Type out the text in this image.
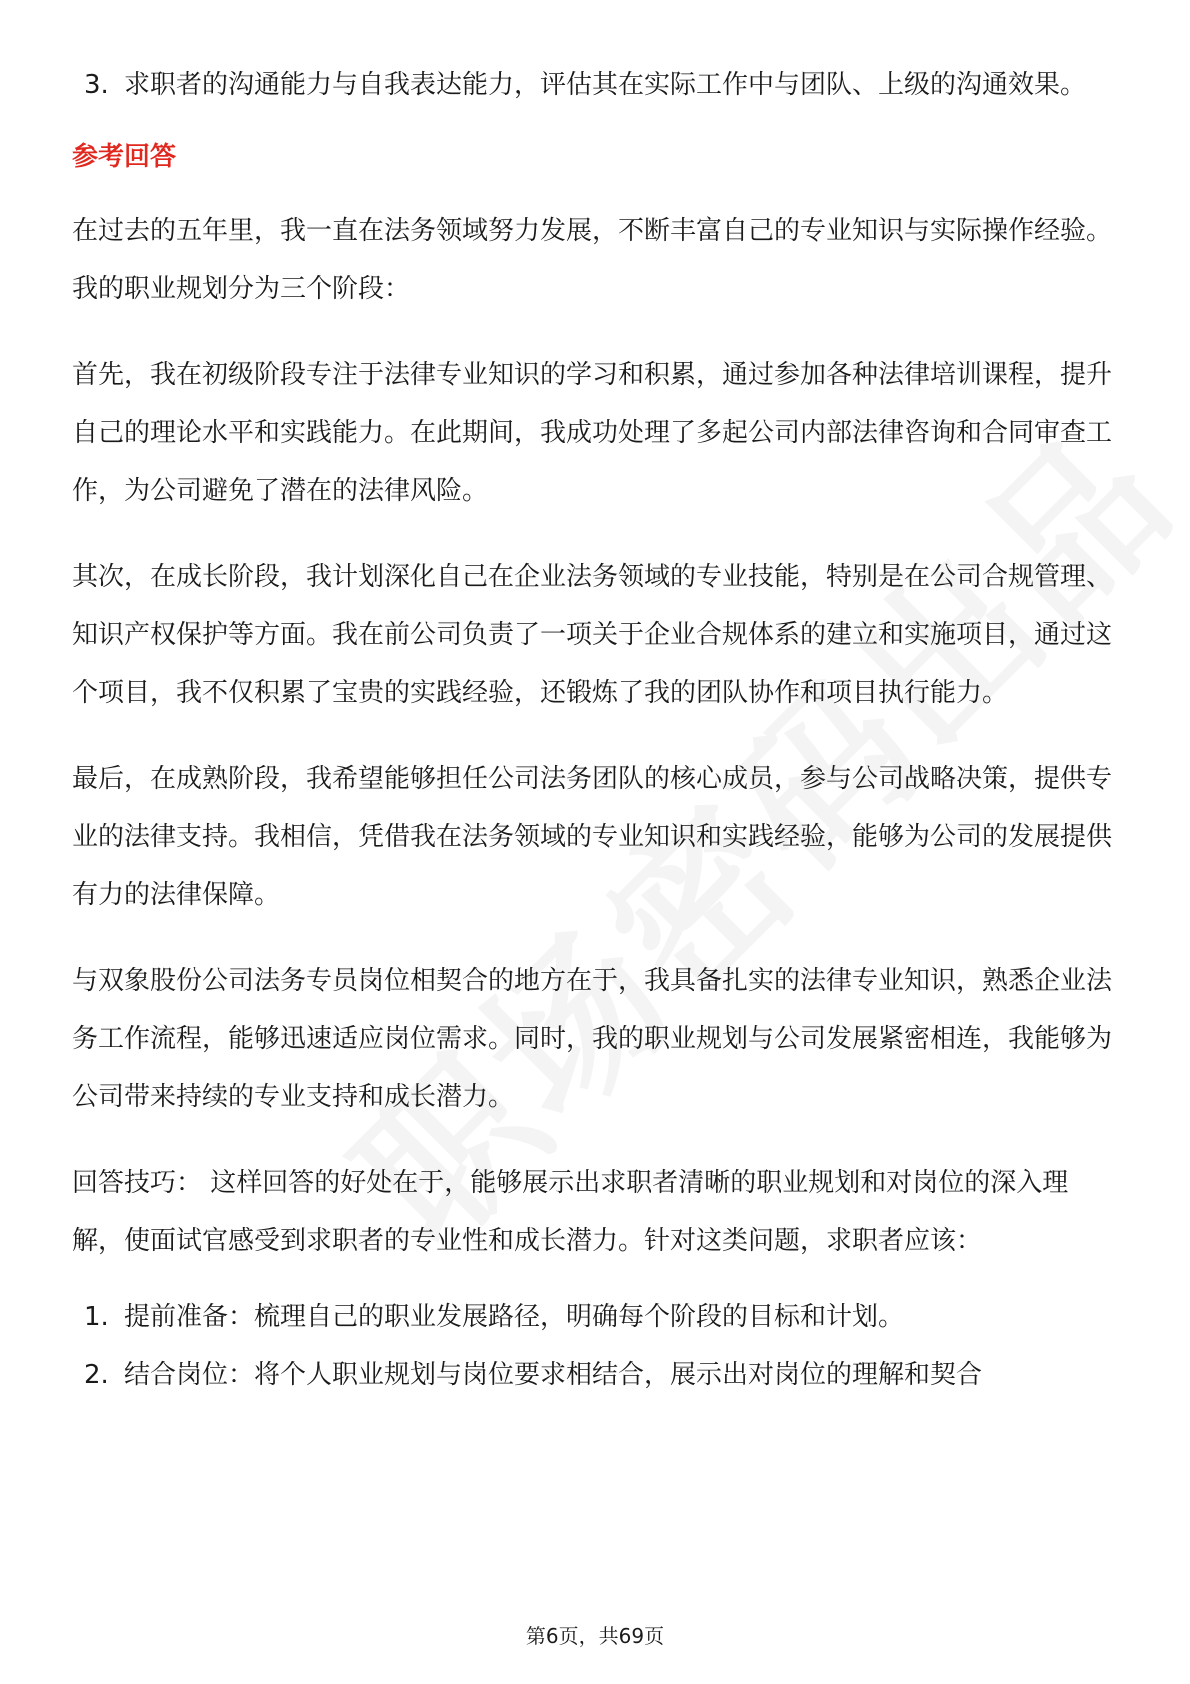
3. 求职者的沟通能力与自我表达能力，评估其在实际工作中与团队、上级的沟通效果。
参考回答

在过去的五年里，我一直在法务领域努力发展，不断丰富自己的专业知识与实际操作经验。我的职业规划分为三个阶段：

首先，我在初级阶段专注于法律专业知识的学习和积累，通过参加各种法律培训课程，提升自己的理论水平和实践能力。在此期间，我成功处理了多起公司内部法律咨询和合同审查工作，为公司避免了潜在的法律风险。

其次，在成长阶段，我计划深化自己在企业法务领域的专业技能，特别是在公司合规管理、知识产权保护等方面。我在前公司负责了一项关于企业合规体系的建立和实施项目，通过这个项目，我不仅积累了宝贵的实践经验，还锻炼了我的团队协作和项目执行能力。

最后，在成熟阶段，我希望能够担任公司法务团队的核心成员，参与公司战略决策，提供专业的法律支持。我相信，凭借我在法务领域的专业知识和实践经验，能够为公司的发展提供有力的法律保障。

与双象股份公司法务专员岗位相契合的地方在于，我具备扎实的法律专业知识，熟悉企业法务工作流程，能够迅速适应岗位需求。同时，我的职业规划与公司发展紧密相连，我能够为公司带来持续的专业支持和成长潜力。

回答技巧： 这样回答的好处在于，能够展示出求职者清晰的职业规划和对岗位的深入理解，使面试官感受到求职者的专业性和成长潜力。针对这类问题，求职者应该：

1. 提前准备：梳理自己的职业发展路径，明确每个阶段的目标和计划。
2. 结合岗位：将个人职业规划与岗位要求相结合，展示出对岗位的理解和契合
第6页，共69页
